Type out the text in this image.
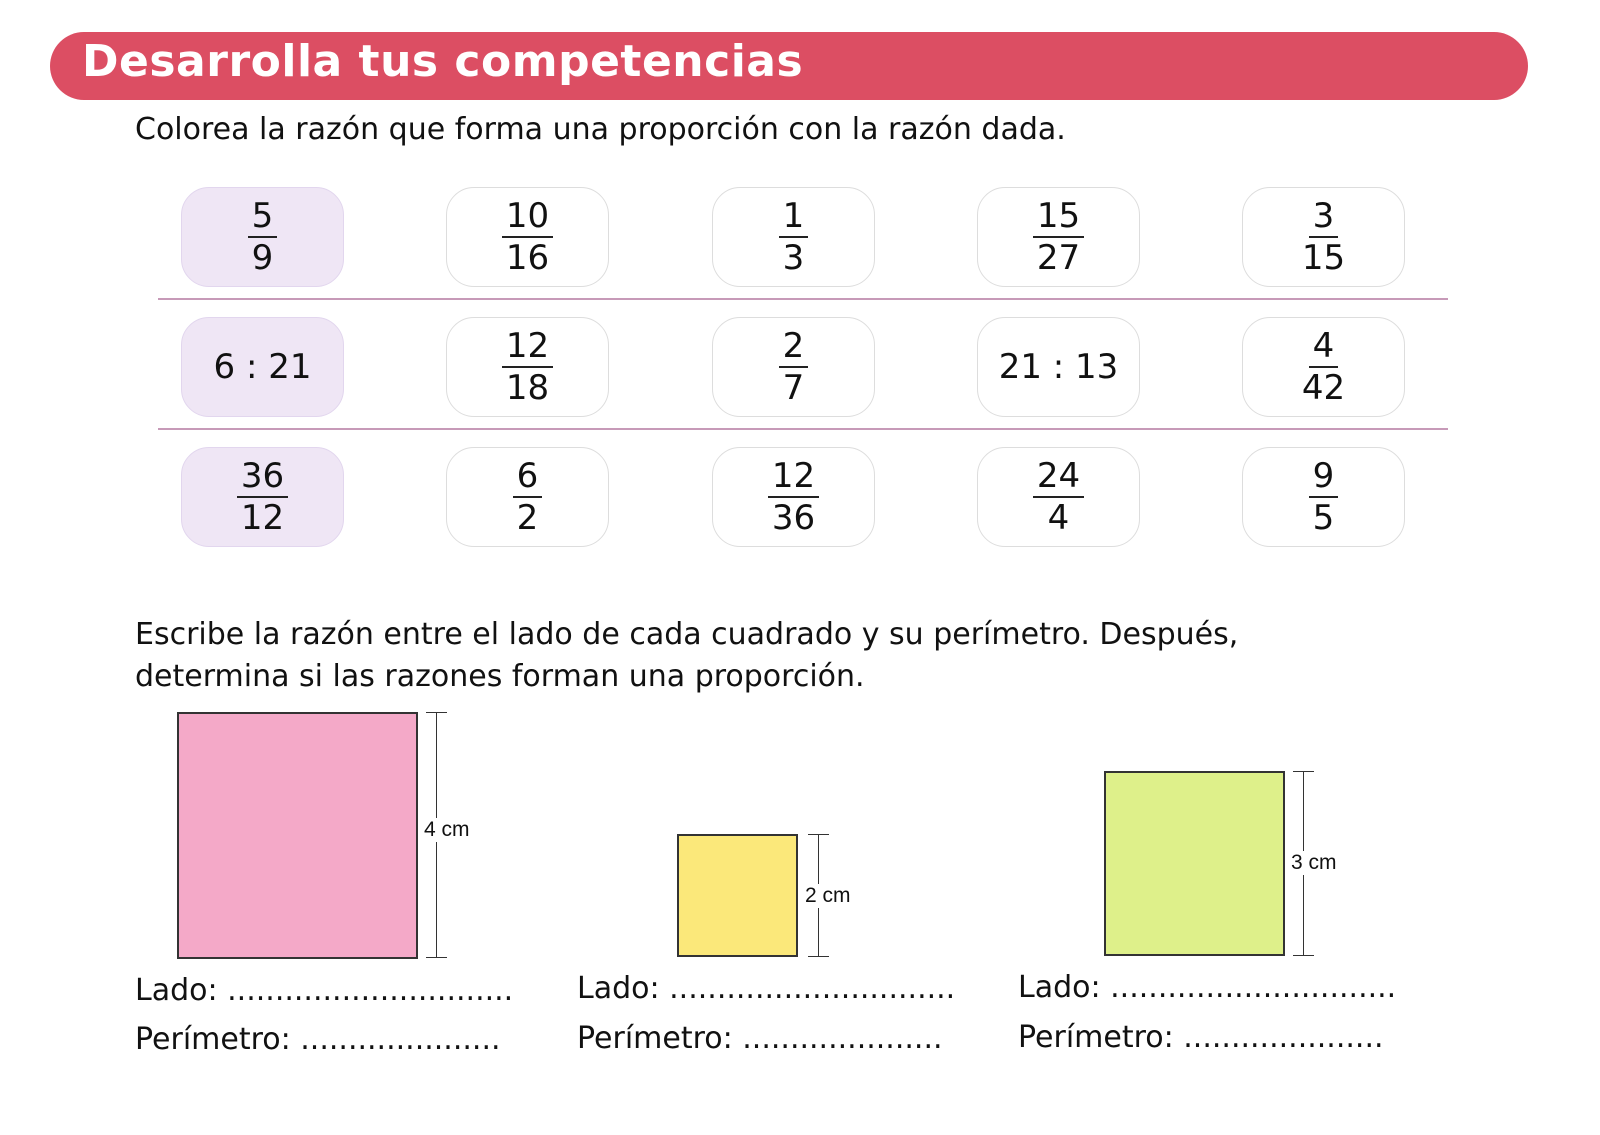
Desarrolla tus competencias
Colorea la razón que forma una proporción con la razón dada.
$\frac{5}{9}$	$\frac{10}{16}$	$\frac{1}{3}$	$\frac{15}{27}$	$\frac{3}{15}$
6 : 21	$\frac{12}{18}$	$\frac{2}{7}$	21 : 13	$\frac{4}{42}$
$\frac{36}{12}$	$\frac{6}{2}$	$\frac{12}{36}$	$\frac{24}{4}$	$\frac{9}{5}$
Escribe la razón entre el lado de cada cuadrado y su perímetro. Después,
determina si las razones forman una proporción.
4 cm
2 cm
3 cm
Lado: ..............................
Perímetro: .....................
Lado: ..............................
Perímetro: .....................
Lado: ..............................
Perímetro: .....................
